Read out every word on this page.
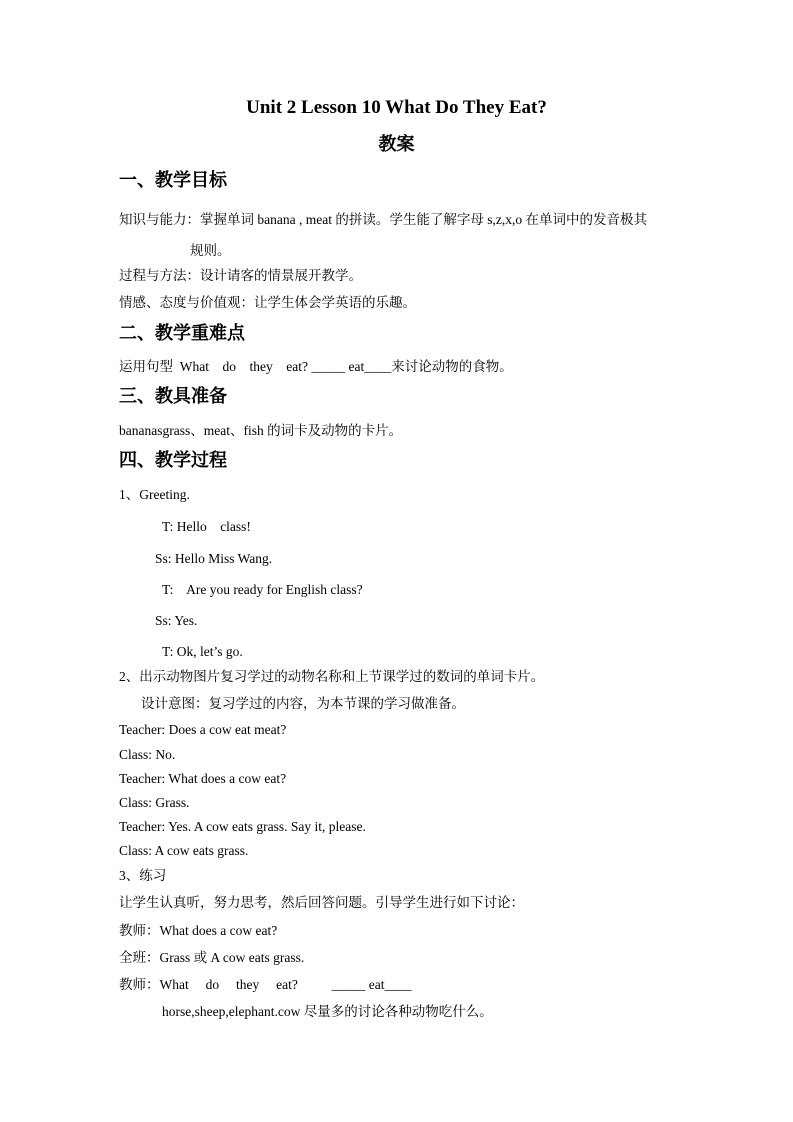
Unit 2 Lesson 10 What Do They Eat?
教案
一、教学目标
知识与能力：掌握单词 banana , meat 的拼读。学生能了解字母 s,z,x,o 在单词中的发音极其
规则。
过程与方法：设计请客的情景展开教学。
情感、态度与价值观：让学生体会学英语的乐趣。
二、教学重难点
运用句型  What    do    they    eat? _____ eat____来讨论动物的食物。
三、教具准备
bananasgrass、meat、fish 的词卡及动物的卡片。
四、教学过程
1、Greeting.
T: Hello    class!
Ss: Hello Miss Wang.
T:    Are you ready for English class?
Ss: Yes.
T: Ok, let’s go.
2、出示动物图片复习学过的动物名称和上节课学过的数词的单词卡片。
设计意图：复习学过的内容，为本节课的学习做准备。
Teacher: Does a cow eat meat?
Class: No.
Teacher: What does a cow eat?
Class: Grass.
Teacher: Yes. A cow eats grass. Say it, please.
Class: A cow eats grass.
3、练习
让学生认真听，努力思考，然后回答问题。引导学生进行如下讨论：
教师：What does a cow eat?
全班：Grass 或 A cow eats grass.
教师：What     do     they     eat?          _____ eat____
horse,sheep,elephant.cow 尽量多的讨论各种动物吃什么。
